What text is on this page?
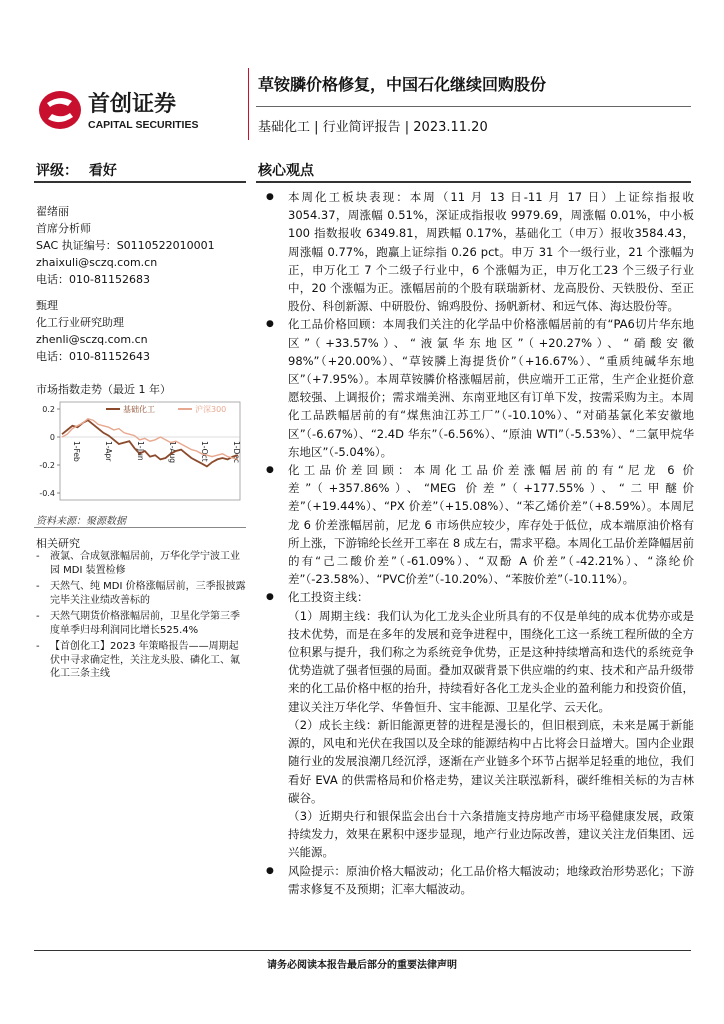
首创证券
CAPITAL SECURITIES
草铵膦价格修复，中国石化继续回购股份
基础化工 | 行业简评报告 | 2023.11.20
评级： 看好	核心观点
翟绪丽
首席分析师
SAC 执证编号：S0110522010001
zhaixuli@sczq.com.cn
电话：010-81152683
甄理
化工行业研究助理
zhenli@sczq.com.cn
电话：010-81152643
市场指数走势（最近 1 年）
0.2
0
-0.2
-0.4
1-Feb	1-Apr	1-Jun	1-Aug	1-Oct	1-Dec
基础化工	沪深300
资料来源：聚源数据
相关研究
- 液氯、合成氨涨幅居前，万华化学宁波工业园 MDI 装置检修
- 天然气、纯 MDI 价格涨幅居前，三季报披露完毕关注业绩改善标的
- 天然气期货价格涨幅居前，卫星化学第三季度单季归母利润同比增长525.4%
- 【首创化工】2023 年策略报告——周期起伏中寻求确定性，关注龙头股、磷化工、氟化工三条主线

● 本周化工板块表现：本周（11 月 13 日-11 月 17 日）上证综指报收3054.37，周涨幅 0.51%，深证成指报收 9979.69，周涨幅 0.01%，中小板 100 指数报收 6349.81，周跌幅 0.17%，基础化工（申万）报收3584.43，周涨幅 0.77%，跑赢上证综指 0.26 pct。申万 31 个一级行业，21 个涨幅为正，申万化工 7 个二级子行业中，6 个涨幅为正，申万化工23 个三级子行业中，20 个涨幅为正。涨幅居前的个股有联瑞新材、龙高股份、天铁股份、至正股份、科创新源、中研股份、锦鸡股份、扬帆新材、和远气体、海达股份等。

● 化工品价格回顾：本周我们关注的化学品中价格涨幅居前的有“PA6切片华东地区”（+33.57%）、“液氯华东地区”（+20.27%）、“硝酸安徽 98%”（+20.00%）、“草铵膦上海提货价”（+16.67%）、“重质纯碱华东地区”（+7.95%）。本周草铵膦价格涨幅居前，供应端开工正常，生产企业挺价意愿较强、上调报价；需求端美洲、东南亚地区有订单下发，按需采购为主。本周化工品跌幅居前的有“煤焦油江苏工厂”（-10.10%）、“对硝基氯化苯安徽地区”（-6.67%）、“2.4D 华东”（-6.56%）、“原油 WTI”（-5.53%）、“二氯甲烷华东地区”（-5.04%）。

● 化工品价差回顾：本周化工品价差涨幅居前的有“尼龙 6 价差”（+357.86%）、“MEG 价差”（+177.55%）、“二甲醚价差”（+19.44%）、“PX 价差”（+15.08%）、“苯乙烯价差”（+8.59%）。本周尼龙 6 价差涨幅居前，尼龙 6 市场供应较少，库存处于低位，成本端原油价格有所上涨，下游锦纶长丝开工率在 8 成左右，需求平稳。本周化工品价差降幅居前的有“己二酸价差”（-61.09%）、“双酚 A 价差”（-42.21%）、“涤纶价差”（-23.58%）、“PVC价差”（-10.20%）、“苯胺价差”（-10.11%）。

● 化工投资主线：

（1）周期主线：我们认为化工龙头企业所具有的不仅是单纯的成本优势亦或是技术优势，而是在多年的发展和竞争进程中，围绕化工这一系统工程所做的全方位积累与提升，我们称之为系统竞争优势，正是这种持续增高和迭代的系统竞争优势造就了强者恒强的局面。叠加双碳背景下供应端的约束、技术和产品升级带来的化工品价格中枢的抬升，持续看好各化工龙头企业的盈利能力和投资价值，建议关注万华化学、华鲁恒升、宝丰能源、卫星化学、云天化。

（2）成长主线：新旧能源更替的进程是漫长的，但旧根到底，未来是属于新能源的，风电和光伏在我国以及全球的能源结构中占比将会日益增大。国内企业跟随行业的发展浪潮几经沉浮，逐渐在产业链多个环节占据举足轻重的地位，我们看好 EVA 的供需格局和价格走势，建议关注联泓新科，碳纤维相关标的为吉林碳谷。

（3）近期央行和银保监会出台十六条措施支持房地产市场平稳健康发展，政策持续发力，效果在累积中逐步显现，地产行业边际改善，建议关注龙佰集团、远兴能源。

● 风险提示：原油价格大幅波动；化工品价格大幅波动；地缘政治形势恶化；下游需求修复不及预期；汇率大幅波动。

请务必阅读本报告最后部分的重要法律声明
